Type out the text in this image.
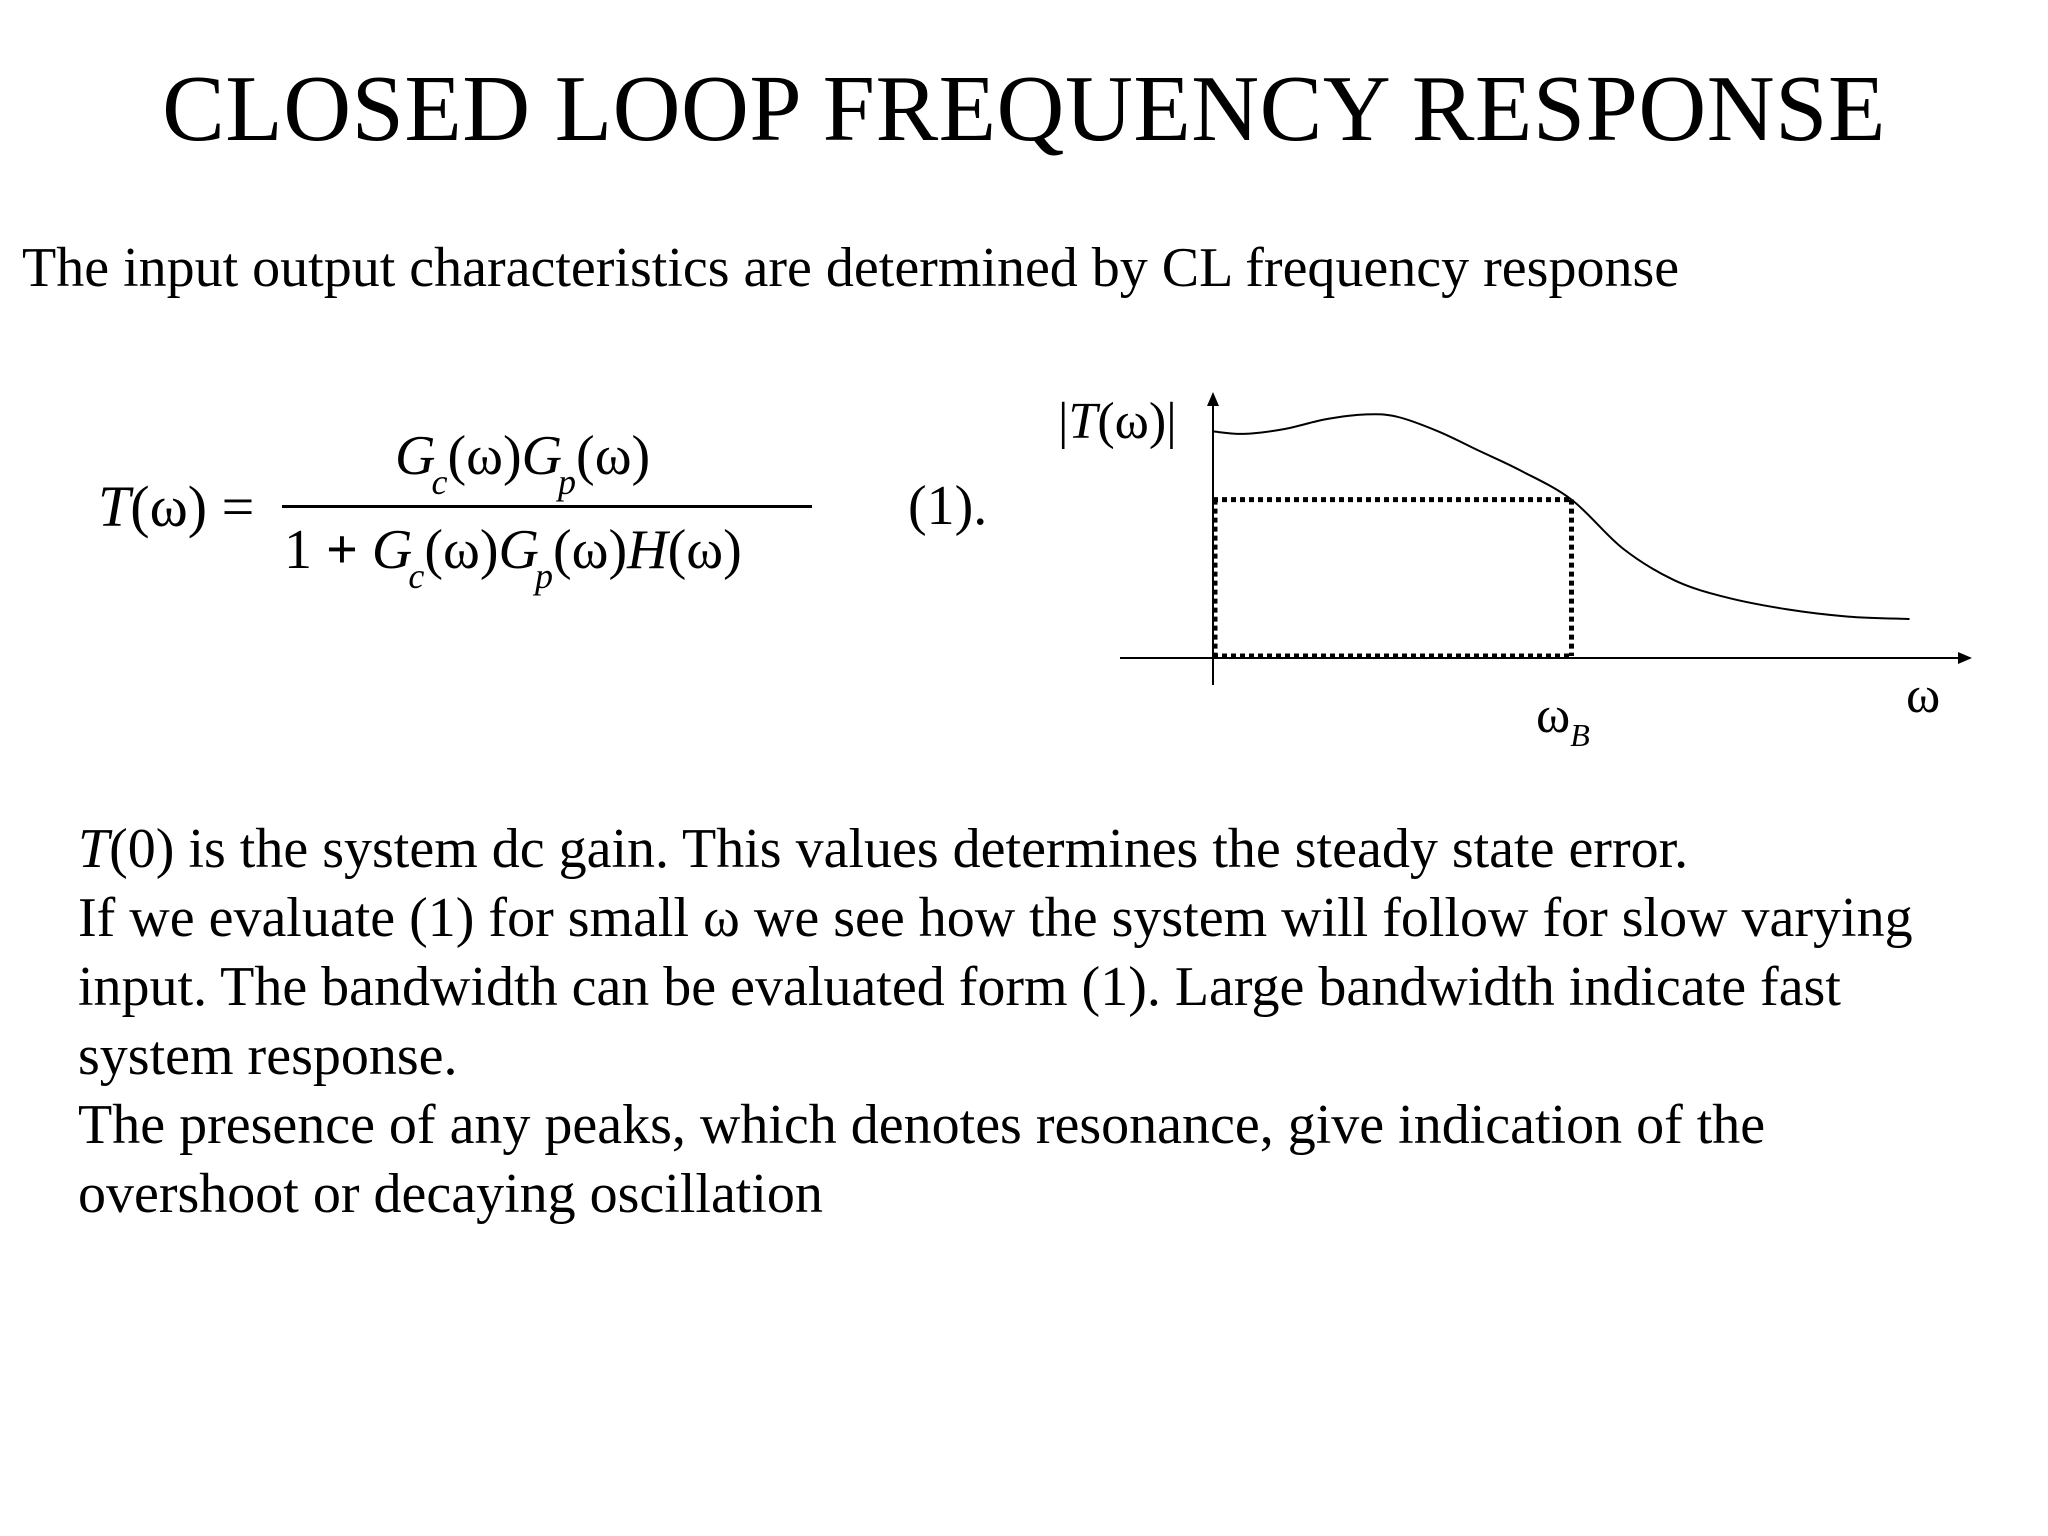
CLOSED LOOP FREQUENCY RESPONSE
The input output characteristics are determined by CL frequency response
T(ω) =
$G_c(\omega)G_p(\omega)$
$1 + G_c(\omega)G_p(\omega)H(\omega)$
(1).
|T(ω)|
ω
$\omega_B$

T(0) is the system dc gain. This values determines the steady state error.

If we evaluate (1) for small ω we see how the system will follow for slow varying

input. The bandwidth can be evaluated form (1). Large bandwidth indicate fast

system response.

The presence of any peaks, which denotes resonance, give indication of the

overshoot or decaying oscillation
